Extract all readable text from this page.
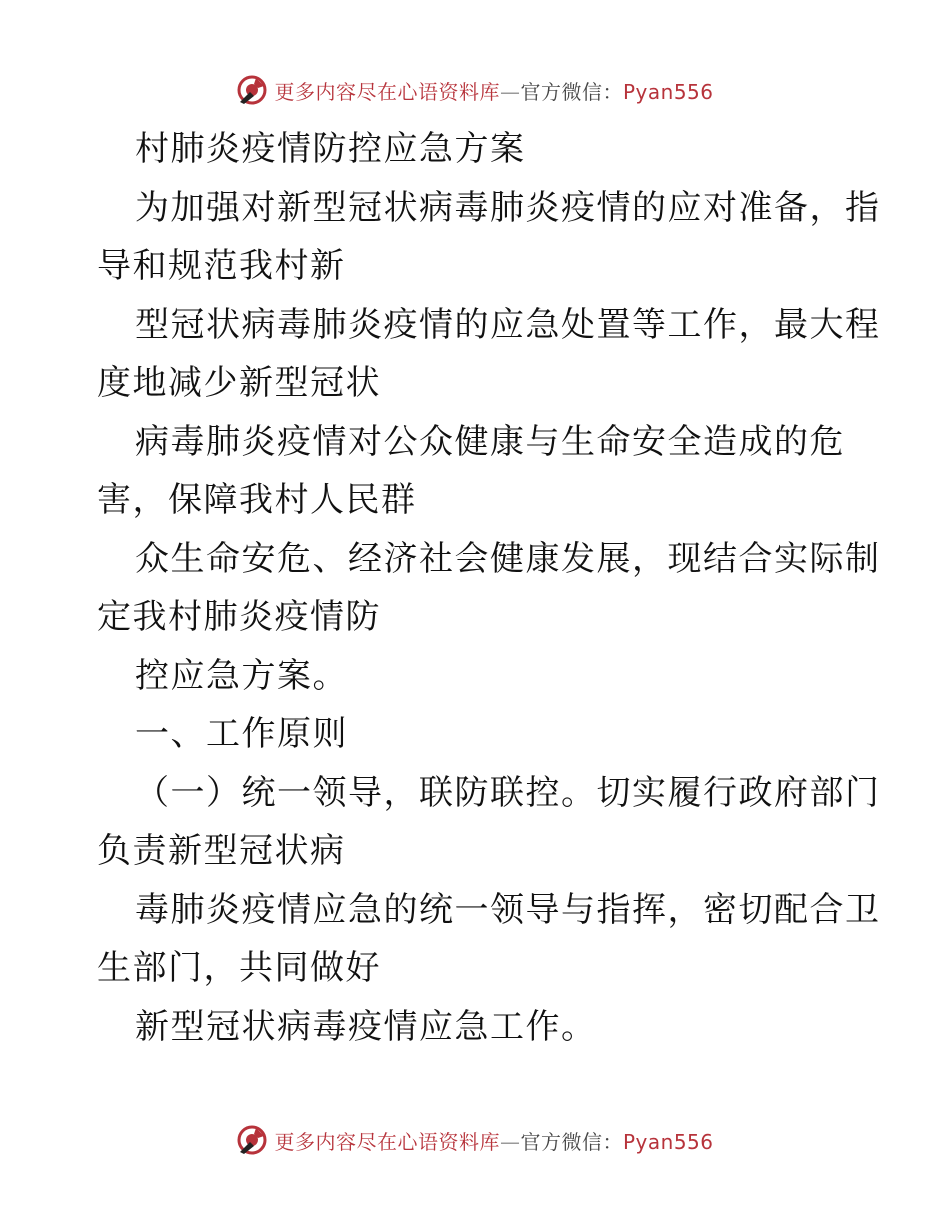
更多内容尽在心语资料库—官方微信：Pyan556
村肺炎疫情防控应急方案
为加强对新型冠状病毒肺炎疫情的应对准备，指
导和规范我村新
型冠状病毒肺炎疫情的应急处置等工作，最大程
度地减少新型冠状
病毒肺炎疫情对公众健康与生命安全造成的危
害，保障我村人民群
众生命安危、经济社会健康发展，现结合实际制
定我村肺炎疫情防
控应急方案。
一、工作原则
（一）统一领导，联防联控。切实履行政府部门
负责新型冠状病
毒肺炎疫情应急的统一领导与指挥，密切配合卫
生部门，共同做好
新型冠状病毒疫情应急工作。
更多内容尽在心语资料库—官方微信：Pyan556
